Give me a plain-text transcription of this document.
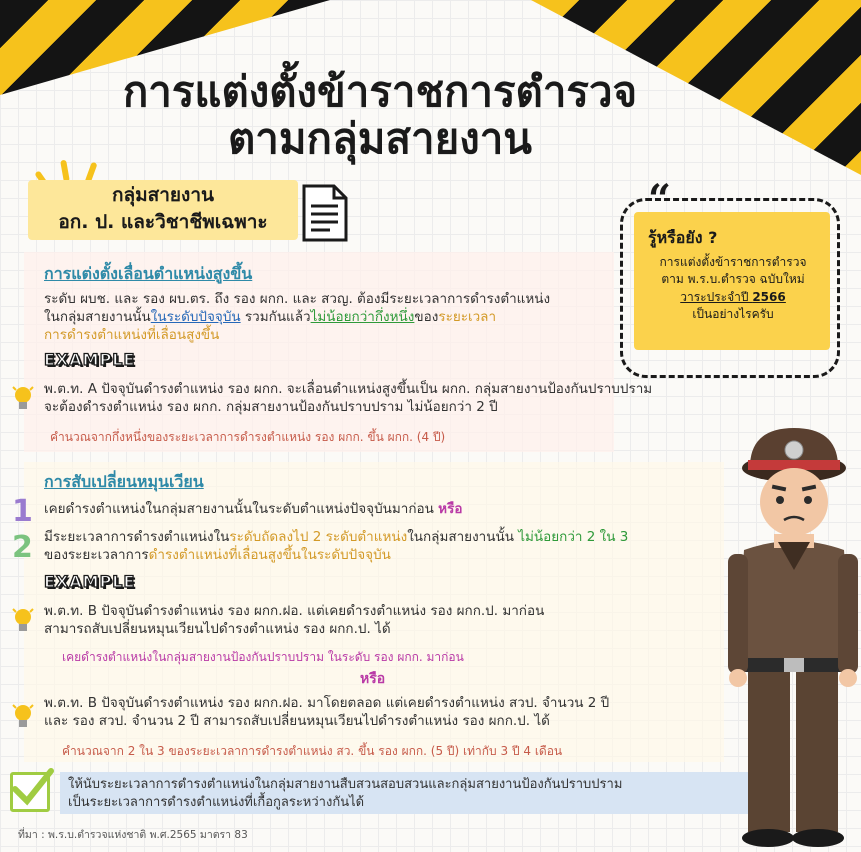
การแต่งตั้งข้าราชการตำรวจ
ตามกลุ่มสายงาน
กลุ่มสายงาน
อก. ป. และวิชาชีพเฉพาะ	“
รู้หรือยัง ?
การแต่งตั้งข้าราชการตำรวจ
ตาม พ.ร.บ.ตำรวจ ฉบับใหม่
วาระประจำปี 2566
เป็นอย่างไรครับ
การแต่งตั้งเลื่อนตำแหน่งสูงขึ้น
ระดับ ผบช. และ รอง ผบ.ตร. ถึง รอง ผกก. และ สวญ. ต้องมีระยะเวลาการดำรงตำแหน่ง
ในกลุ่มสายงานนั้นในระดับปัจจุบัน รวมกันแล้วไม่น้อยกว่ากึ่งหนึ่งของระยะเวลา
การดำรงตำแหน่งที่เลื่อนสูงขึ้น
EXAMPLE
พ.ต.ท. A ปัจจุบันดำรงตำแหน่ง รอง ผกก. จะเลื่อนตำแหน่งสูงขึ้นเป็น ผกก. กลุ่มสายงานป้องกันปราบปราม
จะต้องดำรงตำแหน่ง รอง ผกก. กลุ่มสายงานป้องกันปราบปราม ไม่น้อยกว่า 2 ปี
คำนวณจากกึ่งหนึ่งของระยะเวลาการดำรงตำแหน่ง รอง ผกก. ขึ้น ผกก. (4 ปี)
การสับเปลี่ยนหมุนเวียน
1 เคยดำรงตำแหน่งในกลุ่มสายงานนั้นในระดับตำแหน่งปัจจุบันมาก่อน หรือ
2 มีระยะเวลาการดำรงตำแหน่งในระดับถัดลงไป 2 ระดับตำแหน่งในกลุ่มสายงานนั้น ไม่น้อยกว่า 2 ใน 3
ของระยะเวลาการดำรงตำแหน่งที่เลื่อนสูงขึ้นในระดับปัจจุบัน
EXAMPLE
พ.ต.ท. B ปัจจุบันดำรงตำแหน่ง รอง ผกก.ฝอ. แต่เคยดำรงตำแหน่ง รอง ผกก.ป. มาก่อน
สามารถสับเปลี่ยนหมุนเวียนไปดำรงตำแหน่ง รอง ผกก.ป. ได้
เคยดำรงตำแหน่งในกลุ่มสายงานป้องกันปราบปราม ในระดับ รอง ผกก. มาก่อน
หรือ
พ.ต.ท. B ปัจจุบันดำรงตำแหน่ง รอง ผกก.ฝอ. มาโดยตลอด แต่เคยดำรงตำแหน่ง สวป. จำนวน 2 ปี
และ รอง สวป. จำนวน 2 ปี สามารถสับเปลี่ยนหมุนเวียนไปดำรงตำแหน่ง รอง ผกก.ป. ได้
คำนวณจาก 2 ใน 3 ของระยะเวลาการดำรงตำแหน่ง สว. ขึ้น รอง ผกก. (5 ปี) เท่ากับ 3 ปี 4 เดือน
ให้นับระยะเวลาการดำรงตำแหน่งในกลุ่มสายงานสืบสวนสอบสวนและกลุ่มสายงานป้องกันปราบปราม
เป็นระยะเวลาการดำรงตำแหน่งที่เกื้อกูลระหว่างกันได้
ที่มา : พ.ร.บ.ตำรวจแห่งชาติ พ.ศ.2565 มาตรา 83
